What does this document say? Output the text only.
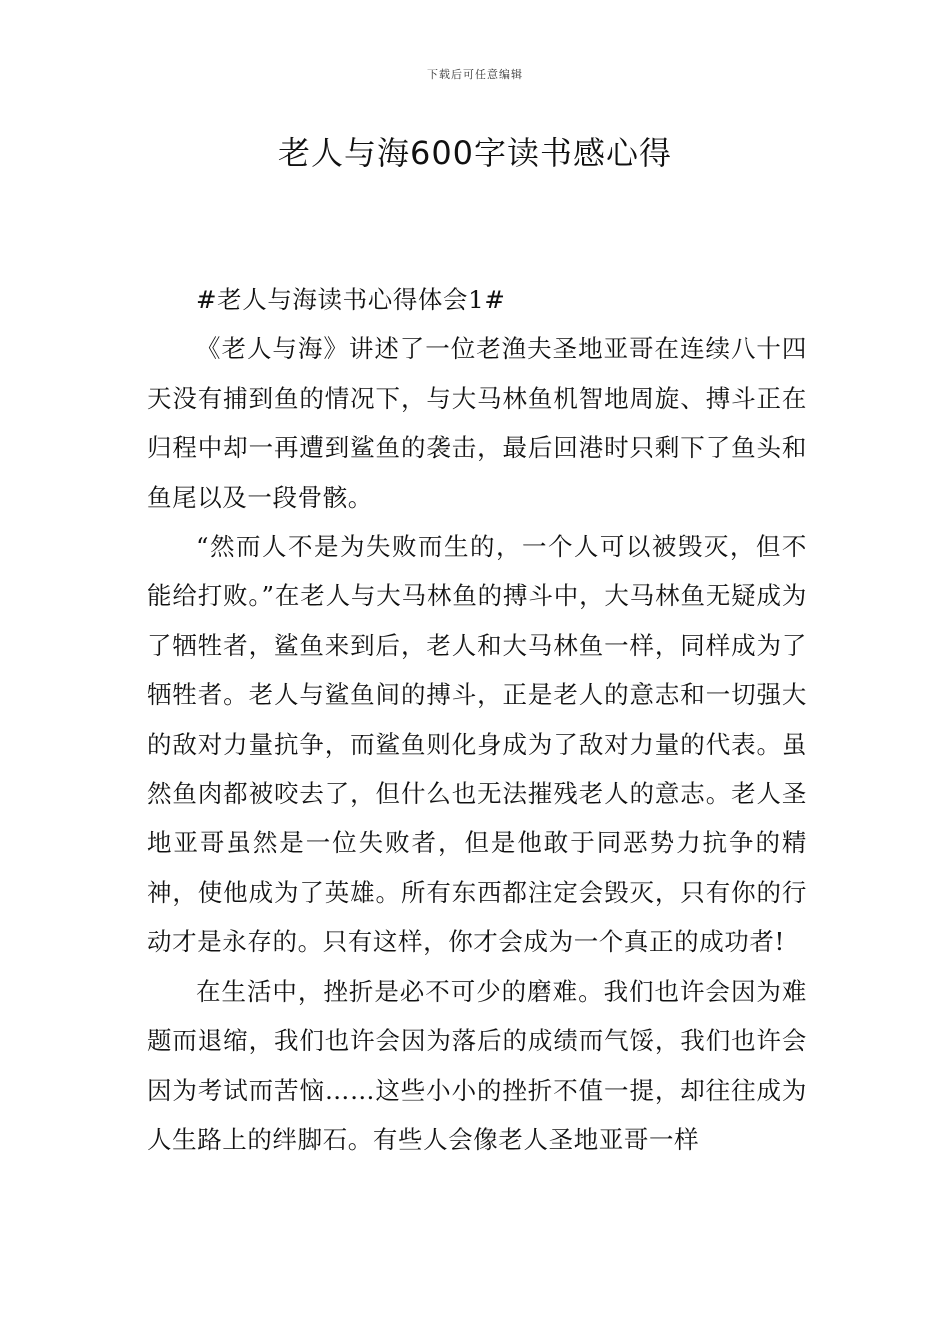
下载后可任意编辑
老人与海600字读书感心得

#老人与海读书心得体会1#

《老人与海》讲述了一位老渔夫圣地亚哥在连续八十四天没有捕到鱼的情况下，与大马林鱼机智地周旋、搏斗正在归程中却一再遭到鲨鱼的袭击，最后回港时只剩下了鱼头和鱼尾以及一段骨骸。

“然而人不是为失败而生的，一个人可以被毁灭，但不能给打败。”在老人与大马林鱼的搏斗中，大马林鱼无疑成为了牺牲者，鲨鱼来到后，老人和大马林鱼一样，同样成为了牺牲者。老人与鲨鱼间的搏斗，正是老人的意志和一切强大的敌对力量抗争，而鲨鱼则化身成为了敌对力量的代表。虽然鱼肉都被咬去了，但什么也无法摧残老人的意志。老人圣地亚哥虽然是一位失败者，但是他敢于同恶势力抗争的精神，使他成为了英雄。所有东西都注定会毁灭，只有你的行动才是永存的。只有这样，你才会成为一个真正的成功者!

在生活中，挫折是必不可少的磨难。我们也许会因为难题而退缩，我们也许会因为落后的成绩而气馁，我们也许会因为考试而苦恼……这些小小的挫折不值一提，却往往成为人生路上的绊脚石。有些人会像老人圣地亚哥一样
